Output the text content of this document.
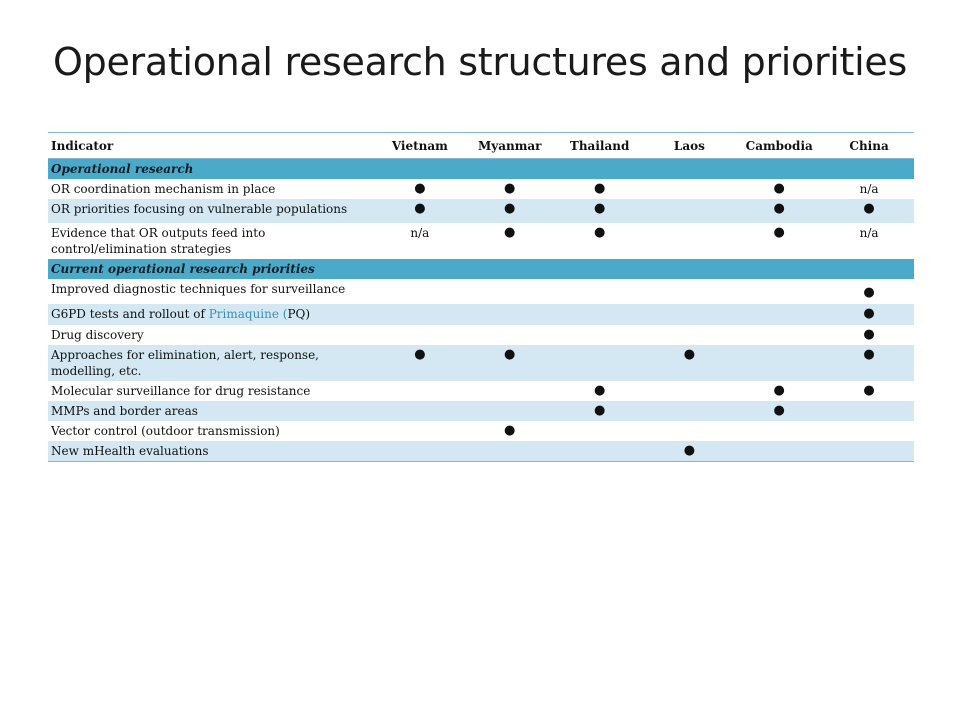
Operational research structures and priorities
Indicator	Vietnam	Myanmar	Thailand	Laos	Cambodia	China
Operational research						
OR coordination mechanism in place	●	●	●		●	n/a
OR priorities focusing on vulnerable populations	●	●	●		●	●
Evidence that OR outputs feed into control/elimination strategies	n/a	●	●		●	n/a
Current operational research priorities						
Improved diagnostic techniques for surveillance						●
G6PD tests and rollout of Primaquine (PQ)						●
Drug discovery						●
Approaches for elimination, alert, response, modelling, etc.	●	●		●		●
Molecular surveillance for drug resistance			●		●	●
MMPs and border areas			●		●	
Vector control (outdoor transmission)		●				
New mHealth evaluations				●		
